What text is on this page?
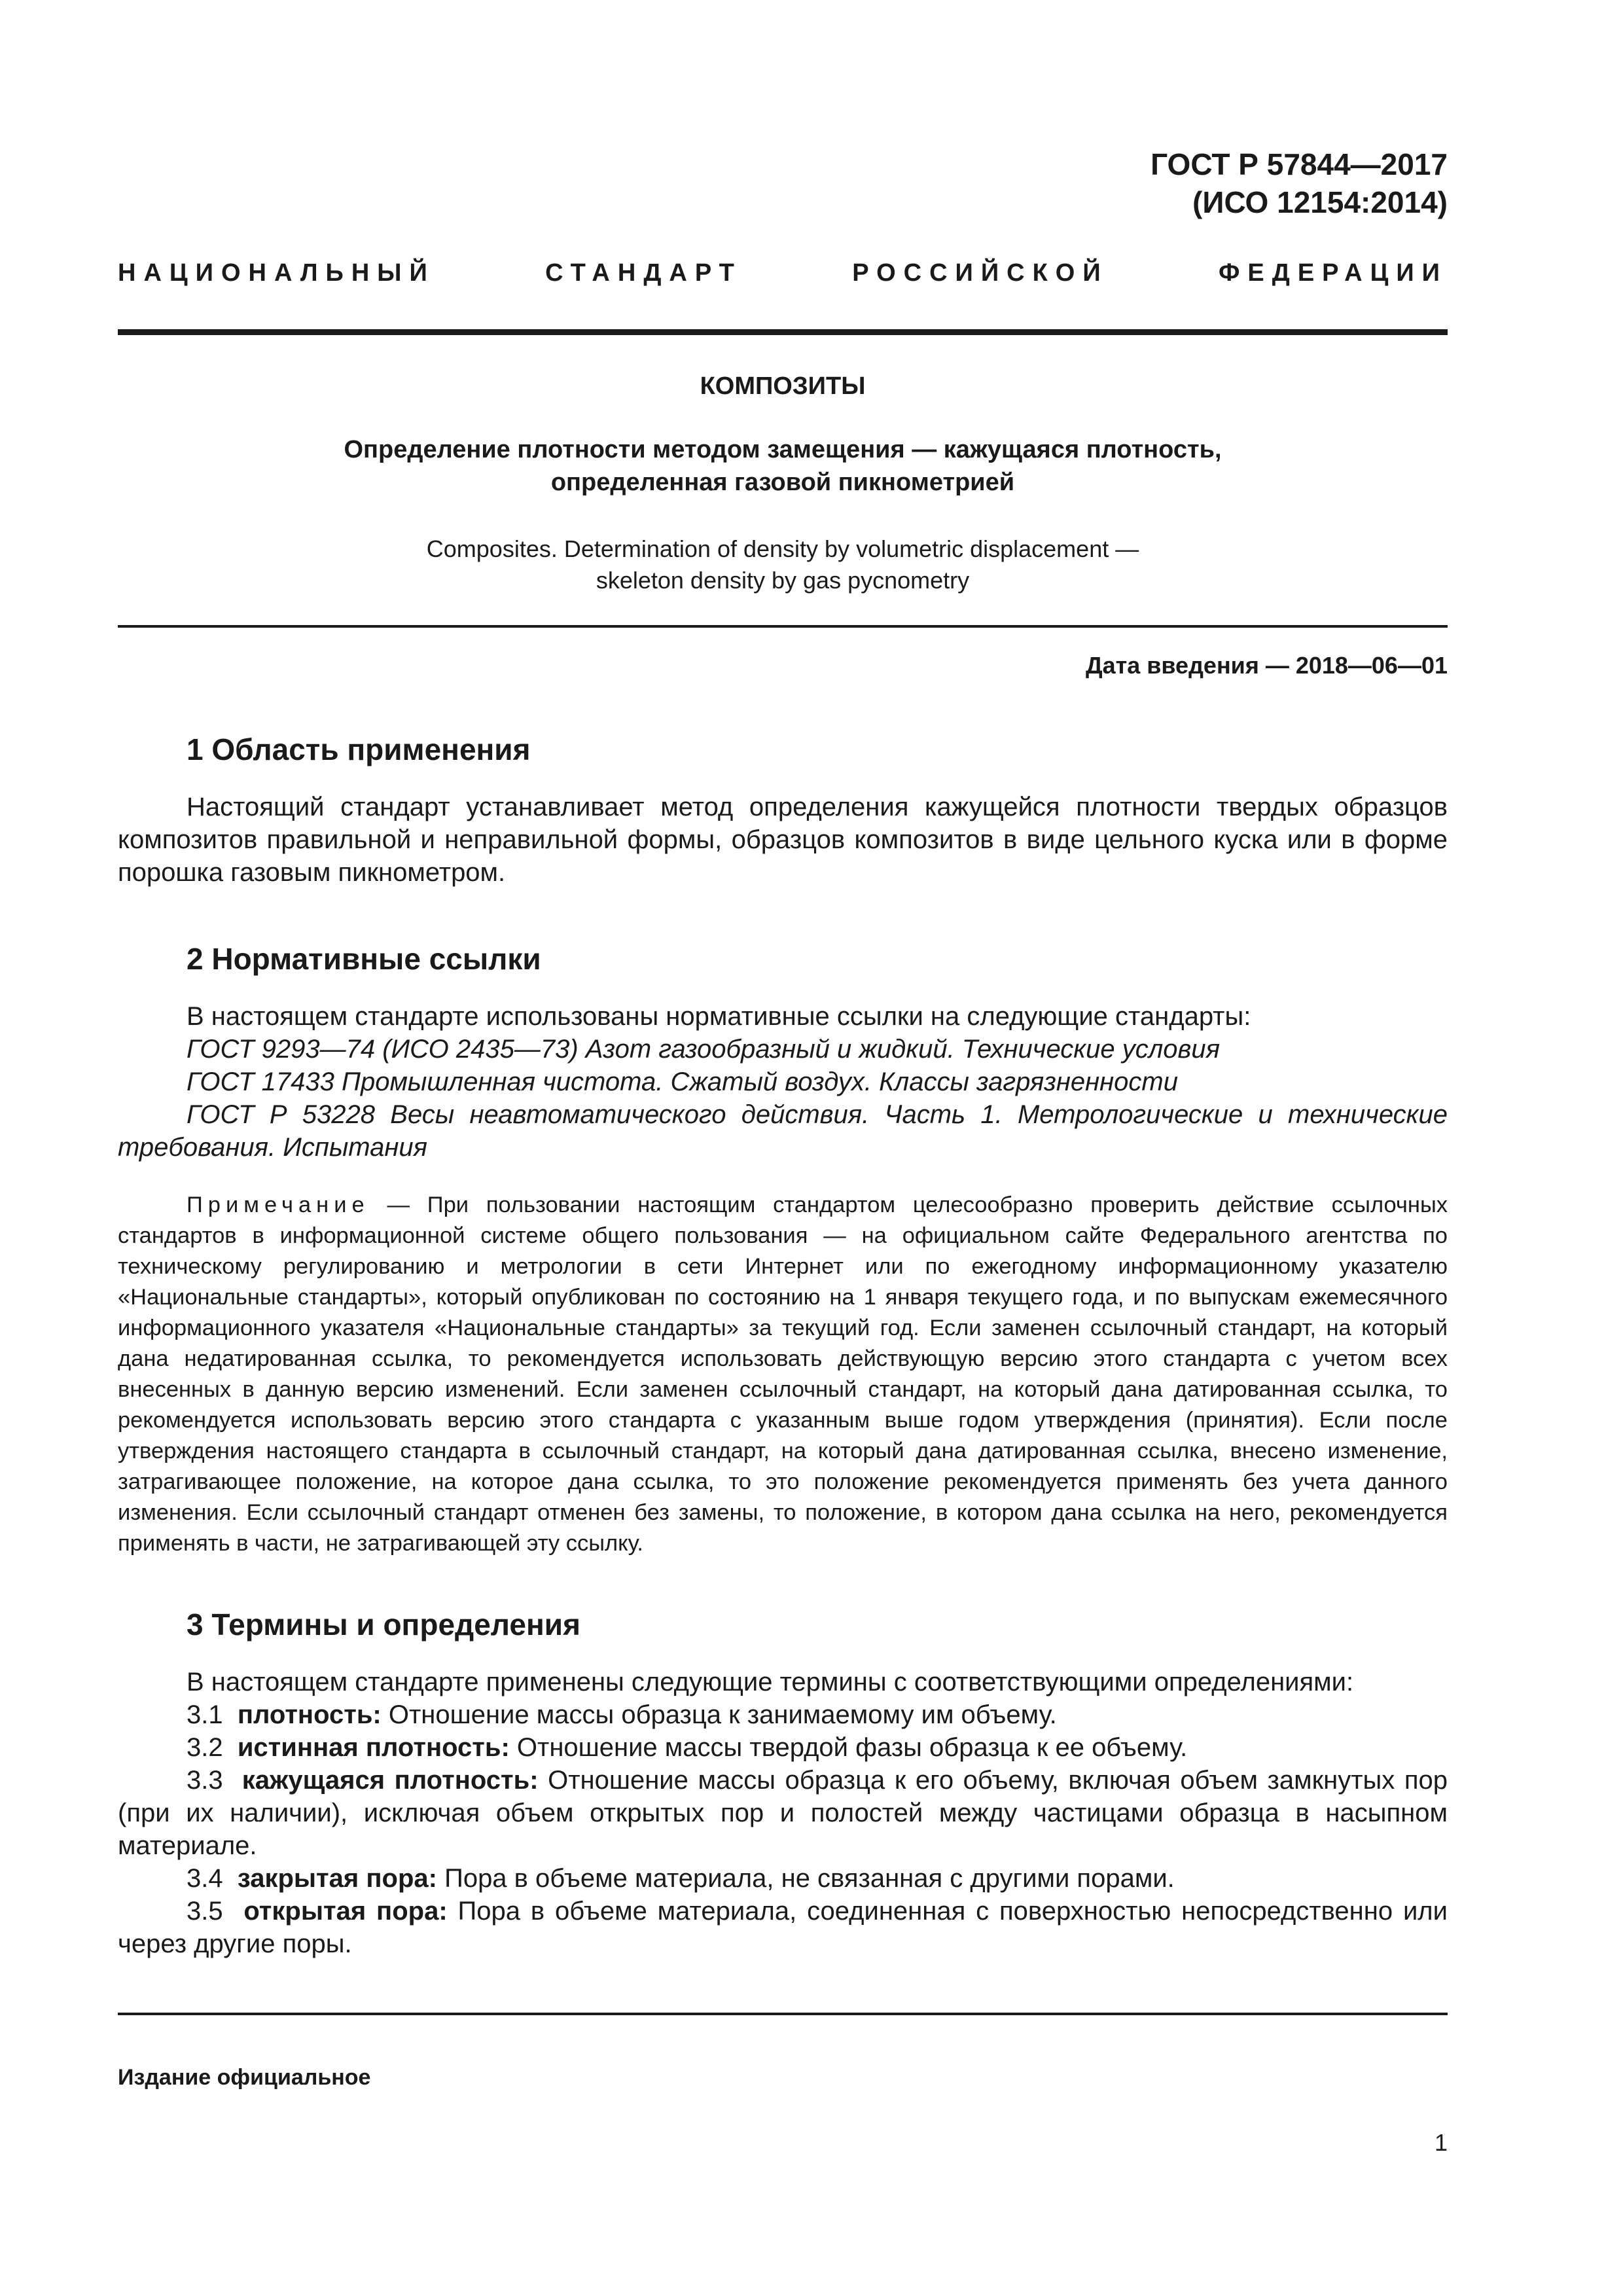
ГОСТ Р 57844—2017
(ИСО 12154:2014)
НАЦИОНАЛЬНЫЙ СТАНДАРТ РОССИЙСКОЙ ФЕДЕРАЦИИ
КОМПОЗИТЫ
Определение плотности методом замещения — кажущаяся плотность,
определенная газовой пикнометрией
Composites. Determination of density by volumetric displacement —
skeleton density by gas pycnometry
Дата введения — 2018—06—01
1 Область применения

Настоящий стандарт устанавливает метод определения кажущейся плотности твердых образцов композитов правильной и неправильной формы, образцов композитов в виде цельного куска или в форме порошка газовым пикнометром.

2 Нормативные ссылки

В настоящем стандарте использованы нормативные ссылки на следующие стандарты:

ГОСТ 9293—74 (ИСО 2435—73) Азот газообразный и жидкий. Технические условия

ГОСТ 17433 Промышленная чистота. Сжатый воздух. Классы загрязненности

ГОСТ Р 53228 Весы неавтоматического действия. Часть 1. Метрологические и технические требования. Испытания

Примечание — При пользовании настоящим стандартом целесообразно проверить действие ссылочных стандартов в информационной системе общего пользования — на официальном сайте Федерального агентства по техническому регулированию и метрологии в сети Интернет или по ежегодному информационному указателю «Национальные стандарты», который опубликован по состоянию на 1 января текущего года, и по выпускам ежемесячного информационного указателя «Национальные стандарты» за текущий год. Если заменен ссылочный стандарт, на который дана недатированная ссылка, то рекомендуется использовать действующую версию этого стандарта с учетом всех внесенных в данную версию изменений. Если заменен ссылочный стандарт, на который дана датированная ссылка, то рекомендуется использовать версию этого стандарта с указанным выше годом утверждения (принятия). Если после утверждения настоящего стандарта в ссылочный стандарт, на который дана датированная ссылка, внесено изменение, затрагивающее положение, на которое дана ссылка, то это положение рекомендуется применять без учета данного изменения. Если ссылочный стандарт отменен без замены, то положение, в котором дана ссылка на него, рекомендуется применять в части, не затрагивающей эту ссылку.

3 Термины и определения

В настоящем стандарте применены следующие термины с соответствующими определениями:

3.1 плотность: Отношение массы образца к занимаемому им объему.

3.2 истинная плотность: Отношение массы твердой фазы образца к ее объему.

3.3 кажущаяся плотность: Отношение массы образца к его объему, включая объем замкнутых пор (при их наличии), исключая объем открытых пор и полостей между частицами образца в насыпном материале.

3.4 закрытая пора: Пора в объеме материала, не связанная с другими порами.

3.5 открытая пора: Пора в объеме материала, соединенная с поверхностью непосредственно или через другие поры.

Издание официальное
1
